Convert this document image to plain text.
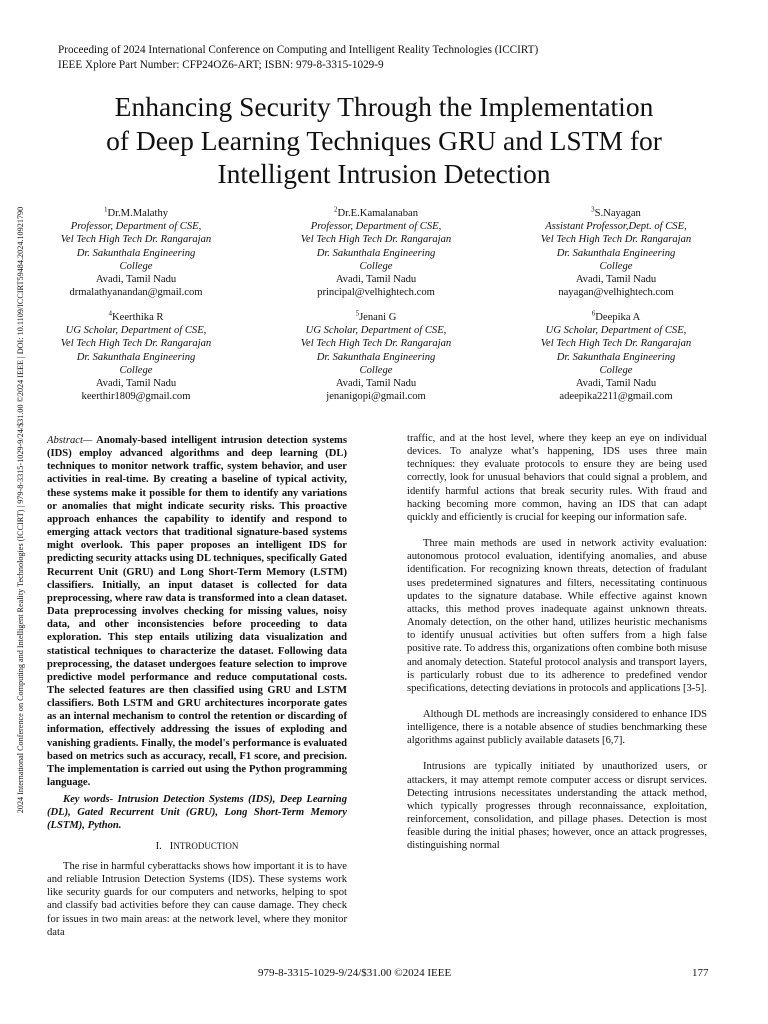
Proceeding of 2024 International Conference on Computing and Intelligent Reality Technologies (ICCIRT)
IEEE Xplore Part Number: CFP24OZ6-ART; ISBN: 979-8-3315-1029-9
2024 International Conference on Computing and Intelligent Reality Technologies (ICCIRT) | 979-8-3315-1029-9/24/$31.00 ©2024 IEEE | DOI: 10.1109/ICCIRT59484.2024.10921790
Enhancing Security Through the Implementation
of Deep Learning Techniques GRU and LSTM for
Intelligent Intrusion Detection
$^1$Dr.M.Malathy
Professor, Department of CSE,
Vel Tech High Tech Dr. Rangarajan
Dr. Sakunthala Engineering
College
Avadi, Tamil Nadu
drmalathyanandan@gmail.com
$^2$Dr.E.Kamalanaban
Professor, Department of CSE,
Vel Tech High Tech Dr. Rangarajan
Dr. Sakunthala Engineering
College
Avadi, Tamil Nadu
principal@velhightech.com
$^3$S.Nayagan
Assistant Professor,Dept. of CSE,
Vel Tech High Tech Dr. Rangarajan
Dr. Sakunthala Engineering
College
Avadi, Tamil Nadu
nayagan@velhightech.com
$^4$Keerthika R
UG Scholar, Department of CSE,
Vel Tech High Tech Dr. Rangarajan
Dr. Sakunthala Engineering
College
Avadi, Tamil Nadu
keerthir1809@gmail.com
$^5$Jenani G
UG Scholar, Department of CSE,
Vel Tech High Tech Dr. Rangarajan
Dr. Sakunthala Engineering
College
Avadi, Tamil Nadu
jenanigopi@gmail.com
$^6$Deepika A
UG Scholar, Department of CSE,
Vel Tech High Tech Dr. Rangarajan
Dr. Sakunthala Engineering
College
Avadi, Tamil Nadu
adeepika2211@gmail.com
Abstract— Anomaly-based intelligent intrusion detection systems (IDS) employ advanced algorithms and deep learning (DL) techniques to monitor network traffic, system behavior, and user activities in real-time. By creating a baseline of typical activity, these systems make it possible for them to identify any variations or anomalies that might indicate security risks. This proactive approach enhances the capability to identify and respond to emerging attack vectors that traditional signature-based systems might overlook. This paper proposes an intelligent IDS for predicting security attacks using DL techniques, specifically Gated Recurrent Unit (GRU) and Long Short-Term Memory (LSTM) classifiers. Initially, an input dataset is collected for data preprocessing, where raw data is transformed into a clean dataset. Data preprocessing involves checking for missing values, noisy data, and other inconsistencies before proceeding to data exploration. This step entails utilizing data visualization and statistical techniques to characterize the dataset. Following data preprocessing, the dataset undergoes feature selection to improve predictive model performance and reduce computational costs. The selected features are then classified using GRU and LSTM classifiers. Both LSTM and GRU architectures incorporate gates as an internal mechanism to control the retention or discarding of information, effectively addressing the issues of exploding and vanishing gradients. Finally, the model's performance is evaluated based on metrics such as accuracy, recall, F1 score, and precision. The implementation is carried out using the Python programming language.

Key words- Intrusion Detection Systems (IDS), Deep Learning (DL), Gated Recurrent Unit (GRU), Long Short-Term Memory (LSTM), Python.

I. INTRODUCTION

The rise in harmful cyberattacks shows how important it is to have and reliable Intrusion Detection Systems (IDS). These systems work like security guards for our computers and networks, helping to spot and classify bad activities before they can cause damage. They check for issues in two main areas: at the network level, where they monitor data

traffic, and at the host level, where they keep an eye on individual devices. To analyze what’s happening, IDS uses three main techniques: they evaluate protocols to ensure they are being used correctly, look for unusual behaviors that could signal a problem, and identify harmful actions that break security rules. With fraud and hacking becoming more common, having an IDS that can adapt quickly and efficiently is crucial for keeping our information safe.

Three main methods are used in network activity evaluation: autonomous protocol evaluation, identifying anomalies, and abuse identification. For recognizing known threats, detection of fradulant uses predetermined signatures and filters, necessitating continuous updates to the signature database. While effective against known attacks, this method proves inadequate against unknown threats. Anomaly detection, on the other hand, utilizes heuristic mechanisms to identify unusual activities but often suffers from a high false positive rate. To address this, organizations often combine both misuse and anomaly detection. Stateful protocol analysis and transport layers, is particularly robust due to its adherence to predefined vendor specifications, detecting deviations in protocols and applications [3-5].

Although DL methods are increasingly considered to enhance IDS intelligence, there is a notable absence of studies benchmarking these algorithms against publicly available datasets [6,7].

Intrusions are typically initiated by unauthorized users, or attackers, it may attempt remote computer access or disrupt services. Detecting intrusions necessitates understanding the attack method, which typically progresses through reconnaissance, exploitation, reinforcement, consolidation, and pillage phases. Detection is most feasible during the initial phases; however, once an attack progresses, distinguishing normal

979-8-3315-1029-9/24/$31.00 ©2024 IEEE	177
